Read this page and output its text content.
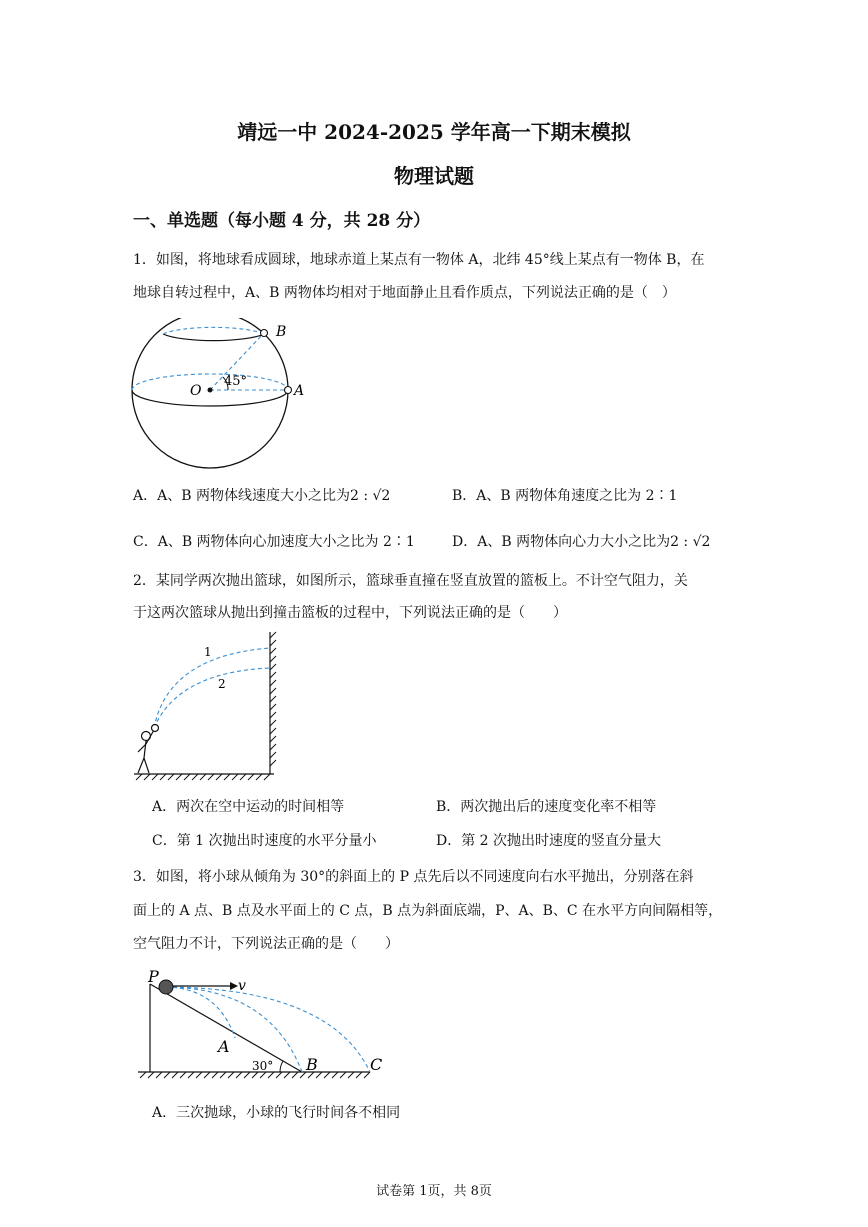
靖远一中 2024-2025 学年高一下期末模拟
物理试题
一、单选题（每小题 4 分，共 28 分）
1．如图，将地球看成圆球，地球赤道上某点有一物体 A，北纬 45°线上某点有一物体 B，在
地球自转过程中，A、B 两物体均相对于地面静止且看作质点，下列说法正确的是（　）
B
A
O
45°
A．A、B 两物体线速度大小之比为2 : √2	B．A、B 两物体角速度之比为 2∶1
C．A、B 两物体向心加速度大小之比为 2∶1	D．A、B 两物体向心力大小之比为2 : √2
2．某同学两次抛出篮球，如图所示，篮球垂直撞在竖直放置的篮板上。不计空气阻力，关
于这两次篮球从抛出到撞击篮板的过程中，下列说法正确的是（　　）
1
2
A．两次在空中运动的时间相等	B．两次抛出后的速度变化率不相等
C．第 1 次抛出时速度的水平分量小	D．第 2 次抛出时速度的竖直分量大
3．如图，将小球从倾角为 30°的斜面上的 P 点先后以不同速度向右水平抛出，分别落在斜
面上的 A 点、B 点及水平面上的 C 点，B 点为斜面底端，P、A、B、C 在水平方向间隔相等，
空气阻力不计，下列说法正确的是（　　）
P	v
A
30° B	C
A．三次抛球，小球的飞行时间各不相同
试卷第 1页，共 8页
